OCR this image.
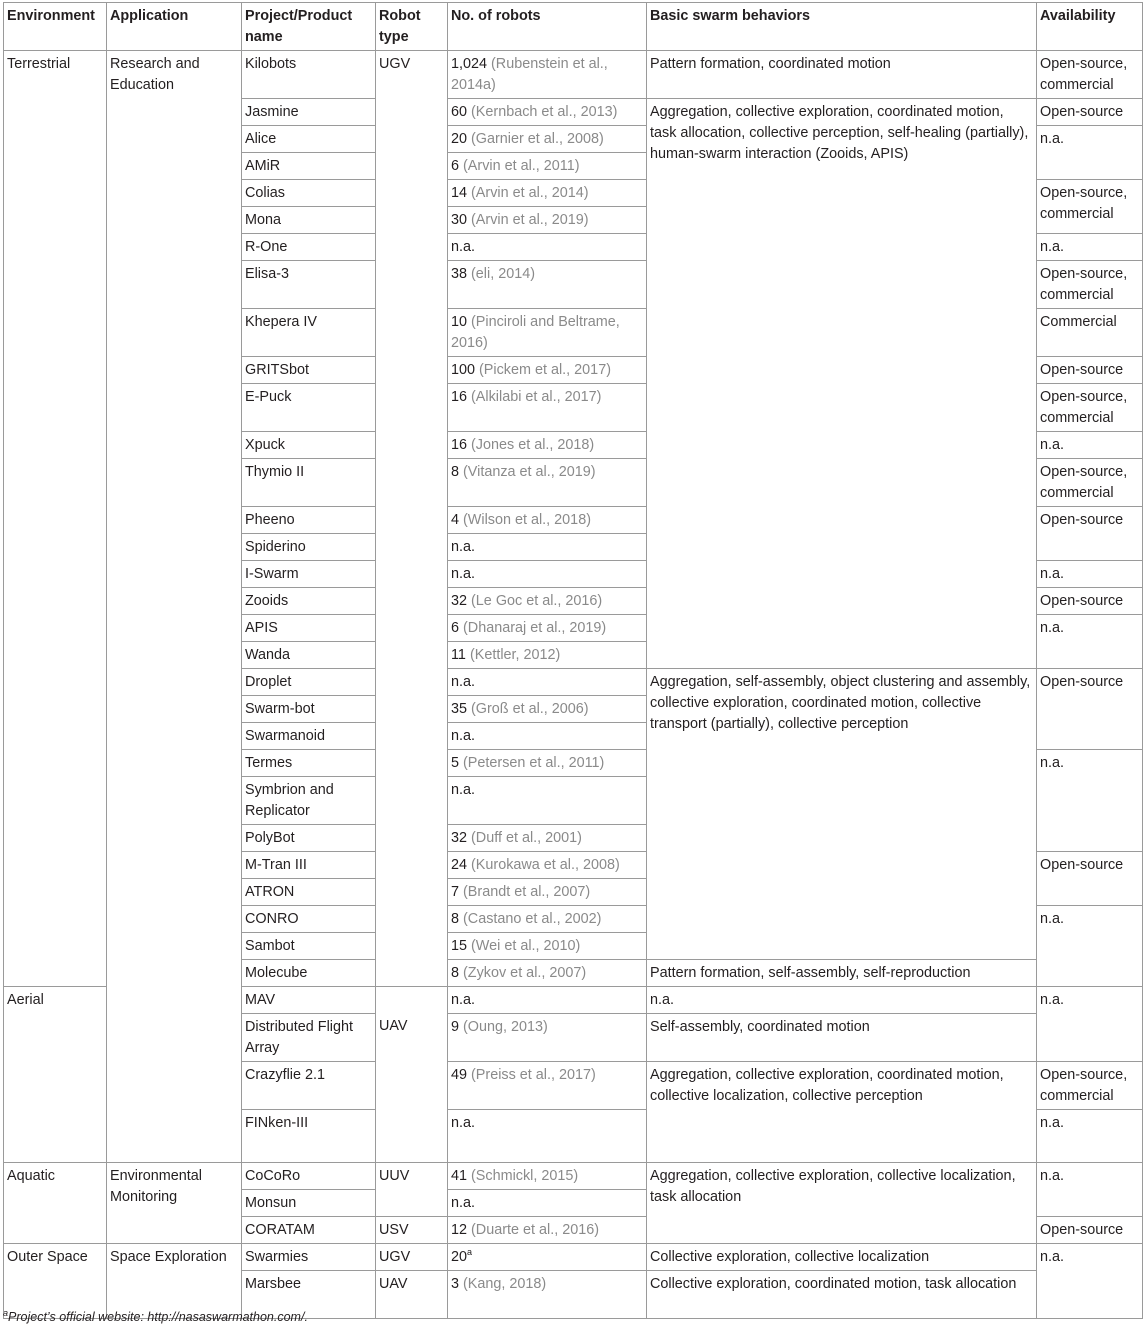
Environment	Application	Project/Product name	Robot type	No. of robots	Basic swarm behaviors	Availability
Terrestrial	Research and Education	Kilobots	UGV	1,024 (Rubenstein et al., 2014a)	Pattern formation, coordinated motion	Open-source, commercial
		Jasmine		60 (Kernbach et al., 2013)	Aggregation, collective exploration, coordinated motion, task allocation, collective perception, self-healing (partially), human-swarm interaction (Zooids, APIS)	Open-source
		Alice		20 (Garnier et al., 2008)		n.a.
		AMiR		6 (Arvin et al., 2011)		
		Colias		14 (Arvin et al., 2014)		Open-source, commercial
		Mona		30 (Arvin et al., 2019)		
		R-One		n.a.		n.a.
		Elisa-3		38 (eli, 2014)		Open-source, commercial
		Khepera IV		10 (Pinciroli and Beltrame, 2016)		Commercial
		GRITSbot		100 (Pickem et al., 2017)		Open-source
		E-Puck		16 (Alkilabi et al., 2017)		Open-source, commercial
		Xpuck		16 (Jones et al., 2018)		n.a.
		Thymio II		8 (Vitanza et al., 2019)		Open-source, commercial
		Pheeno		4 (Wilson et al., 2018)		Open-source
		Spiderino		n.a.		
		I-Swarm		n.a.		n.a.
		Zooids		32 (Le Goc et al., 2016)		Open-source
		APIS		6 (Dhanaraj et al., 2019)		n.a.
		Wanda		11 (Kettler, 2012)		
		Droplet		n.a.	Aggregation, self-assembly, object clustering and assembly, collective exploration, coordinated motion, collective transport (partially), collective perception	Open-source
		Swarm-bot		35 (Groß et al., 2006)		
		Swarmanoid		n.a.		
		Termes		5 (Petersen et al., 2011)		n.a.
		Symbrion and Replicator		n.a.		
		PolyBot		32 (Duff et al., 2001)		
		M-Tran III		24 (Kurokawa et al., 2008)		Open-source
		ATRON		7 (Brandt et al., 2007)		
		CONRO		8 (Castano et al., 2002)		n.a.
		Sambot		15 (Wei et al., 2010)		
		Molecube		8 (Zykov et al., 2007)	Pattern formation, self-assembly, self-reproduction	
Aerial		MAV	UAV	n.a.	n.a.	n.a.
		Distributed Flight Array		9 (Oung, 2013)	Self-assembly, coordinated motion	
		Crazyflie 2.1		49 (Preiss et al., 2017)	Aggregation, collective exploration, coordinated motion, collective localization, collective perception	Open-source, commercial
		FINken-III		n.a.		n.a.
Aquatic	Environmental Monitoring	CoCoRo	UUV	41 (Schmickl, 2015)	Aggregation, collective exploration, collective localization, task allocation	n.a.
		Monsun		n.a.		
		CORATAM	USV	12 (Duarte et al., 2016)		Open-source
Outer Space	Space Exploration	Swarmies	UGV	20$^a$	Collective exploration, collective localization	n.a.
		Marsbee	UAV	3 (Kang, 2018)	Collective exploration, coordinated motion, task allocation	
$^a$Project’s official website: http://nasaswarmathon.com/.
